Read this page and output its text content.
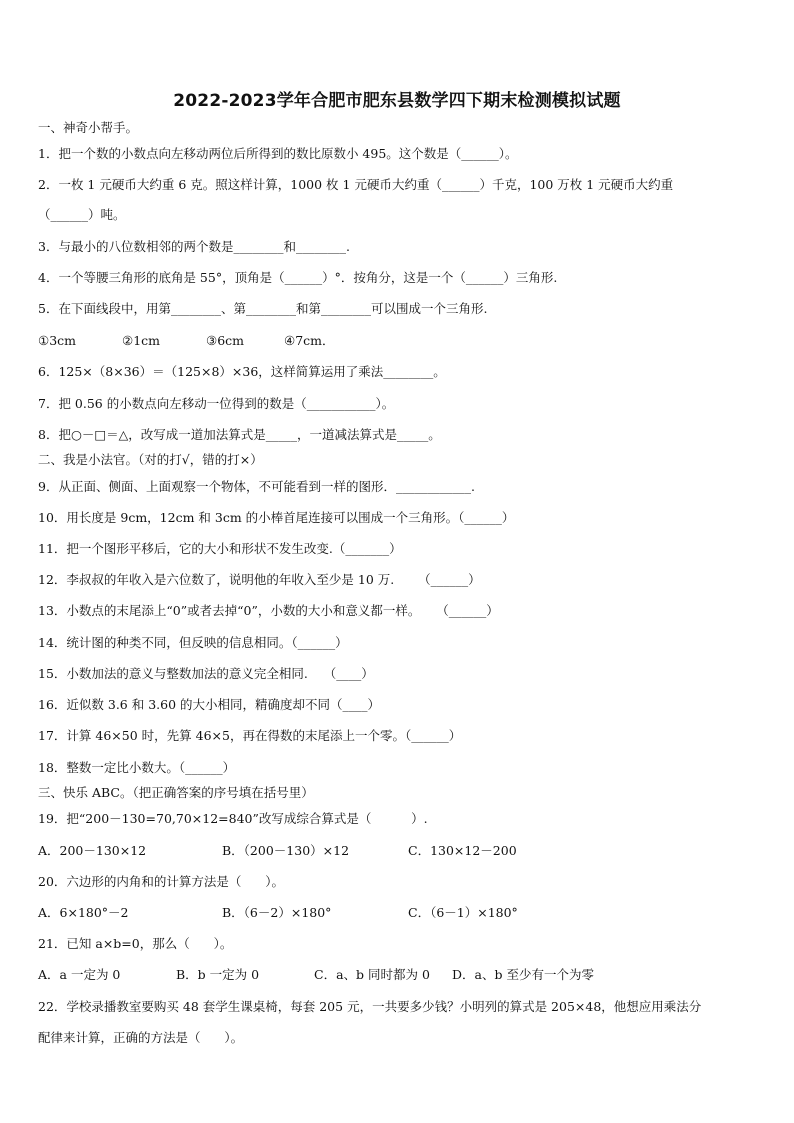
2022-2023学年合肥市肥东县数学四下期末检测模拟试题
一、神奇小帮手。
1．把一个数的小数点向左移动两位后所得到的数比原数小 495。这个数是（______）。
2．一枚 1 元硬币大约重 6 克。照这样计算，1000 枚 1 元硬币大约重（______）千克，100 万枚 1 元硬币大约重
（______）吨。
3．与最小的八位数相邻的两个数是________和________.
4．一个等腰三角形的底角是 55°，顶角是（______）°．按角分，这是一个（______）三角形.
5．在下面线段中，用第________、第________和第________可以围成一个三角形.
①3cm	②1cm	③6cm	④7cm．
6．125×（8×36）＝（125×8）×36，这样简算运用了乘法________。
7．把 0.56 的小数点向左移动一位得到的数是（___________）。
8．把○－□＝△，改写成一道加法算式是_____，一道减法算式是_____。
二、我是小法官。（对的打√，错的打×）
9．从正面、侧面、上面观察一个物体，不可能看到一样的图形．____________.
10．用长度是 9cm，12cm 和 3cm 的小棒首尾连接可以围成一个三角形。（______）
11．把一个图形平移后，它的大小和形状不发生改变.（_______）
12．李叔叔的年收入是六位数了，说明他的年收入至少是 10 万.      （______）
13．小数点的末尾添上“0”或者去掉“0”，小数的大小和意义都一样。    （______）
14．统计图的种类不同，但反映的信息相同。（______）
15．小数加法的意义与整数加法的意义完全相同.    （____）
16．近似数 3.6 和 3.60 的大小相同，精确度却不同（____）
17．计算 46×50 时，先算 46×5，再在得数的末尾添上一个零。（______）
18．整数一定比小数大。（______）
三、快乐 ABC。（把正确答案的序号填在括号里）
19．把“200－130=70,70×12=840”改写成综合算式是（          ）.
A．200－130×12	B．（200－130）×12	C．130×12－200
20．六边形的内角和的计算方法是（      ）。
A．6×180°－2	B．（6－2）×180°	C．（6－1）×180°
21．已知 a×b=0，那么（      ）。
A．a 一定为 0	B．b 一定为 0	C．a、b 同时都为 0 D．a、b 至少有一个为零
22．学校录播教室要购买 48 套学生课桌椅，每套 205 元，一共要多少钱？小明列的算式是 205×48，他想应用乘法分
配律来计算，正确的方法是（      ）。
